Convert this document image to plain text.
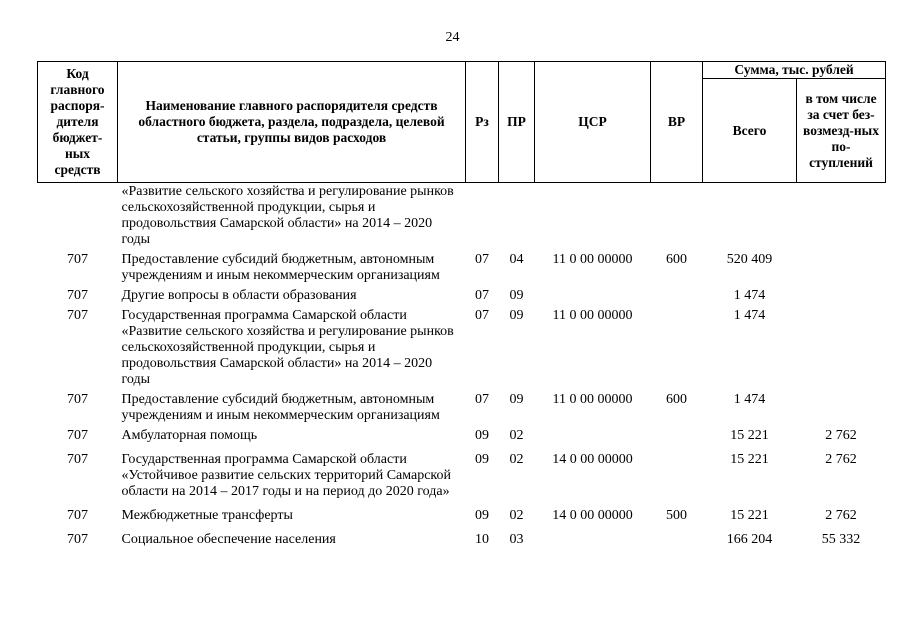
24
Код главного распоря-дителя бюджет-ных средств	Наименование главного распорядителя средств областного бюджета, раздела, подраздела, целевой статьи, группы видов расходов	Рз	ПР	ЦСР	ВР	Сумма, тыс. рублей	
						Всего	в том числе за счет без-возмезд-ных по-ступлений
	«Развитие сельского хозяйства и регулирование рынков сельскохозяйственной продукции, сырья и продовольствия Самарской области» на 2014 – 2020 годы						
707	Предоставление субсидий бюджетным, автономным учреждениям и иным некоммерческим организациям	07	04	11 0 00 00000	600	520 409	
707	Другие вопросы в области образования	07	09			1 474	
707	Государственная программа Самарской области «Развитие сельского хозяйства и регулирование рынков сельскохозяйственной продукции, сырья и продовольствия Самарской области» на 2014 – 2020 годы	07	09	11 0 00 00000		1 474	
707	Предоставление субсидий бюджетным, автономным учреждениям и иным некоммерческим организациям	07	09	11 0 00 00000	600	1 474	
707	Амбулаторная помощь	09	02			15 221	2 762
707	Государственная программа Самарской области «Устойчивое развитие сельских территорий Самарской области на 2014 – 2017 годы и на период до 2020 года»	09	02	14 0 00 00000		15 221	2 762
707	Межбюджетные трансферты	09	02	14 0 00 00000	500	15 221	2 762
707	Социальное обеспечение населения	10	03			166 204	55 332
